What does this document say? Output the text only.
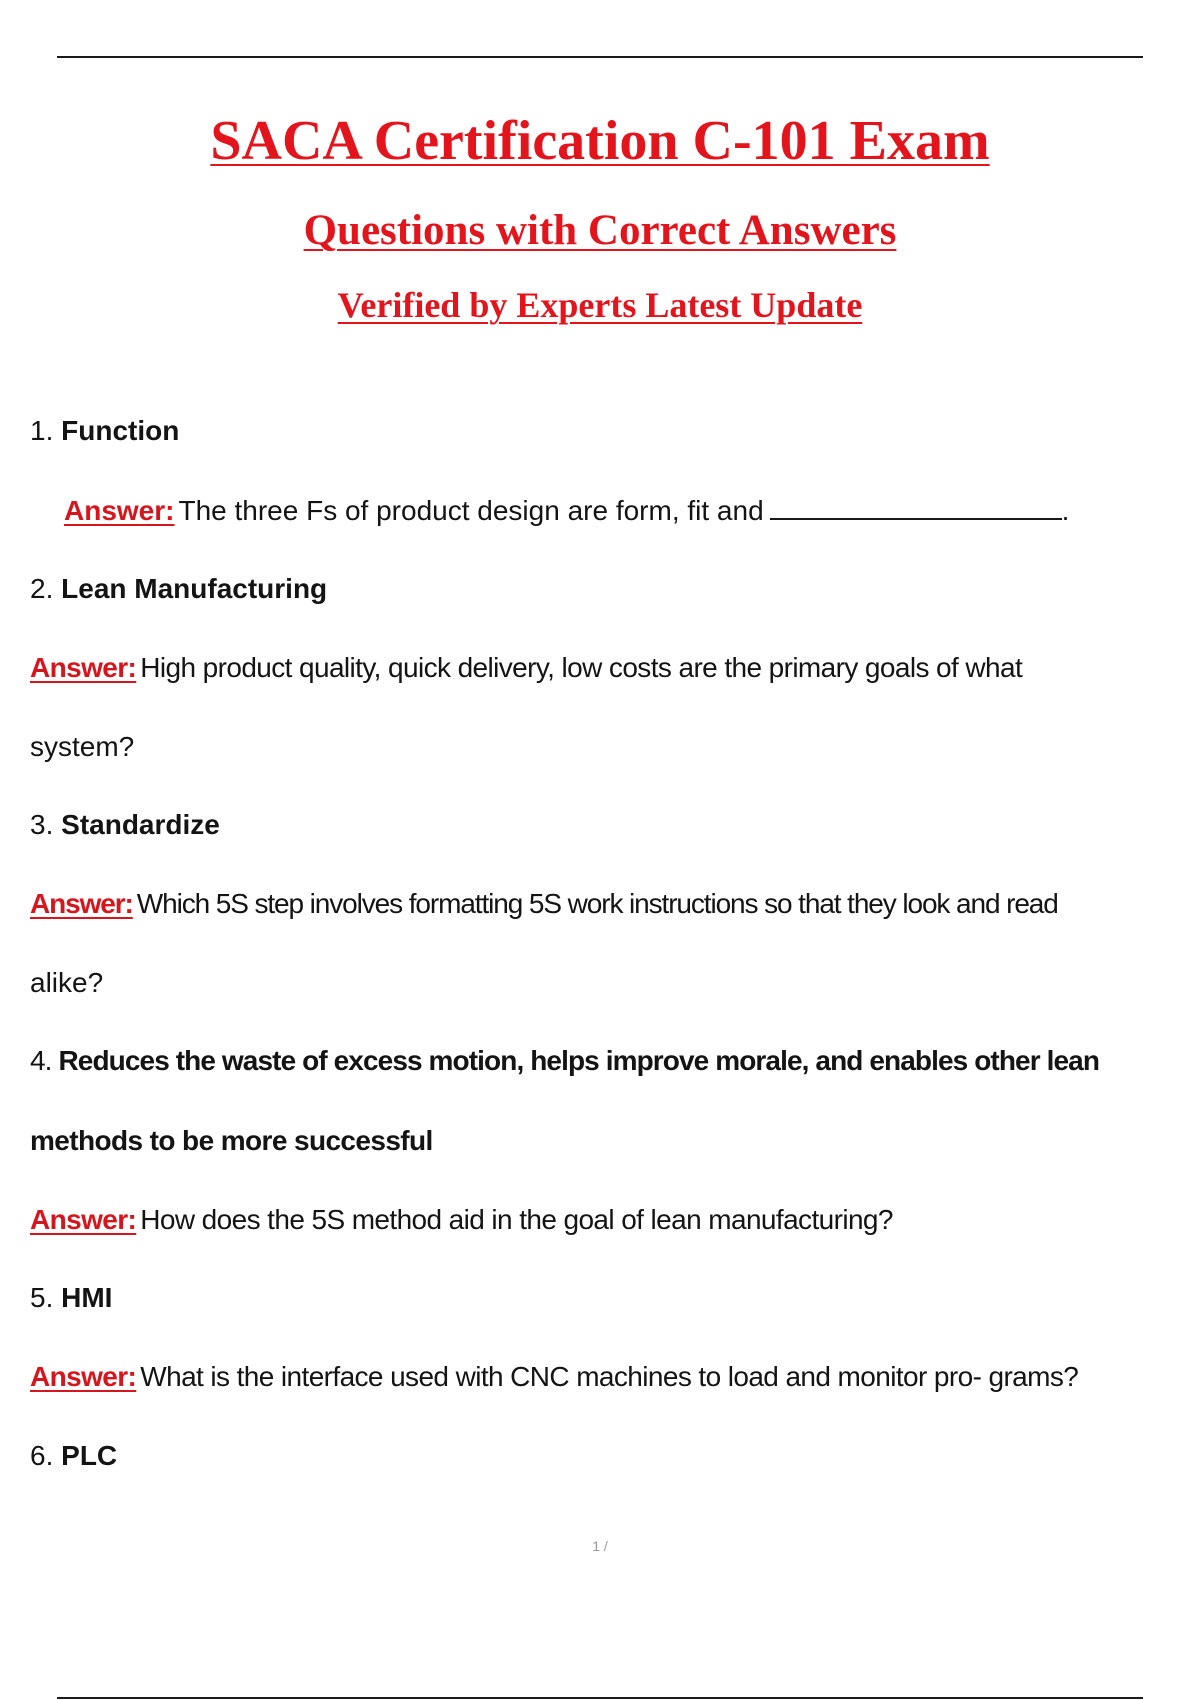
SACA Certification C-101 Exam
Questions with Correct Answers
Verified by Experts Latest Update
1. Function
Answer: The three Fs of product design are form, fit and	.
2. Lean Manufacturing
Answer: High product quality, quick delivery, low costs are the primary goals of what
system?
3. Standardize
Answer: Which 5S step involves formatting 5S work instructions so that they look and read
alike?
4. Reduces the waste of excess motion, helps improve morale, and enables other lean
methods to be more successful
Answer: How does the 5S method aid in the goal of lean manufacturing?
5. HMI
Answer: What is the interface used with CNC machines to load and monitor pro- grams?
6. PLC
1 /
